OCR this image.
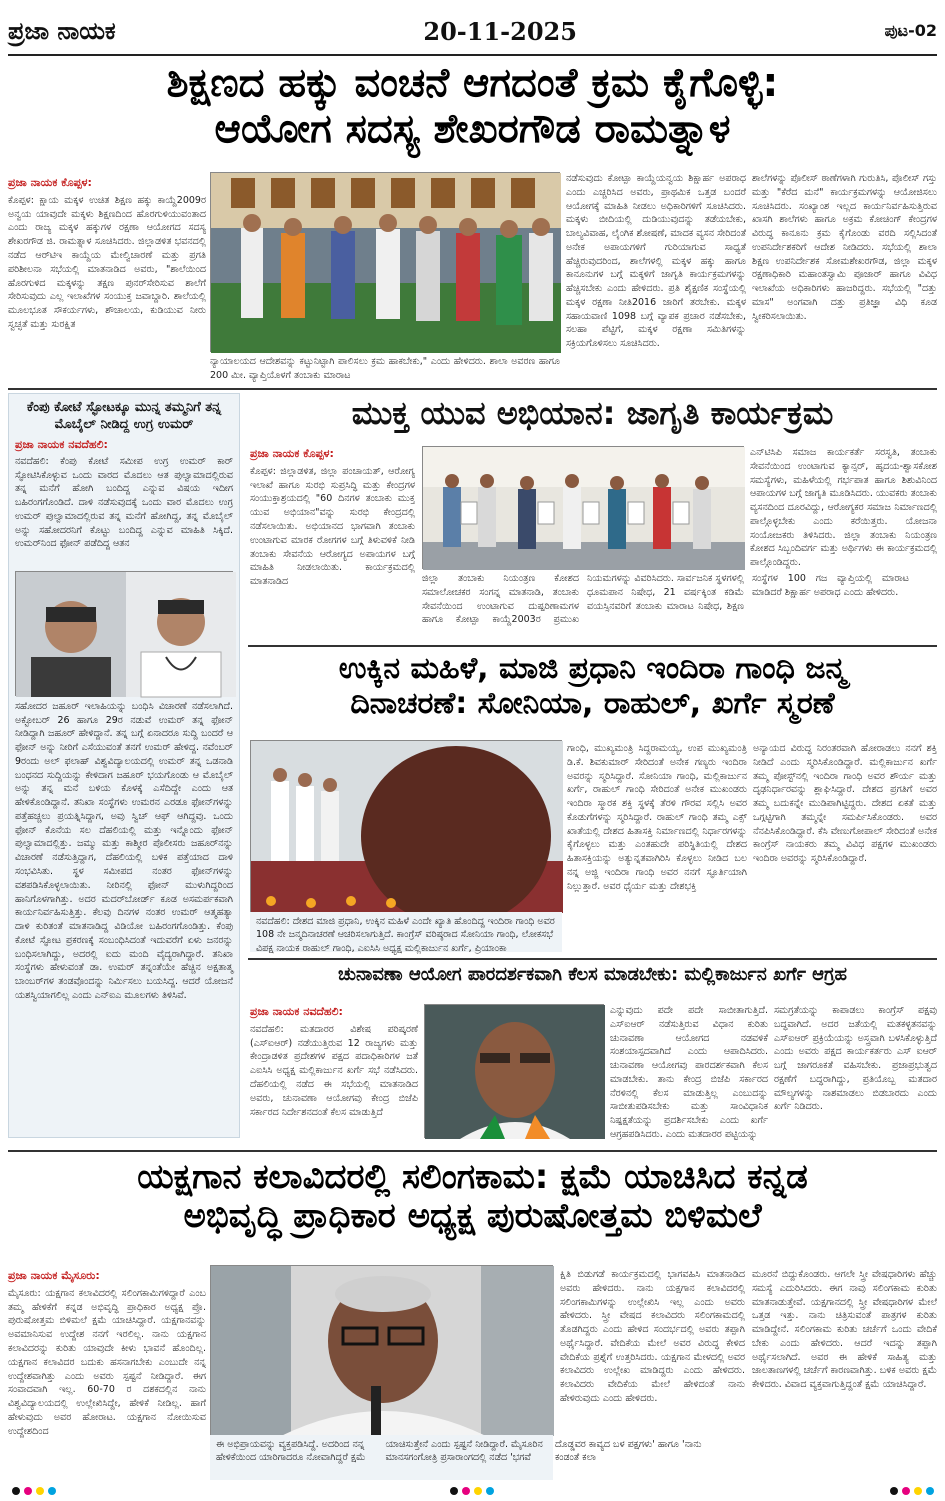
ಪ್ರಜಾ ನಾಯಕ	20-11-2025	ಪುಟ-02
ಶಿಕ್ಷಣದ ಹಕ್ಕು ವಂಚನೆ ಆಗದಂತೆ ಕ್ರಮ ಕೈಗೊಳ್ಳಿ:
ಆಯೋಗ ಸದಸ್ಯ ಶೇಖರಗೌಡ ರಾಮತ್ನಾಳ
ಪ್ರಜಾ ನಾಯಕ ಕೊಪ್ಪಳ:

ಕೊಪ್ಪಳ: ಕ್ಷಾಯ ಮಕ್ಕಳ ಉಚಿತ ಶಿಕ್ಷಣ ಹಕ್ಕು ಕಾಯ್ದೆ2009ರ ಅನ್ವಯ ಯಾವುದೇ ಮಕ್ಕಳು ಶಿಕ್ಷಣದಿಂದ ಹೊರಗುಳಿಯುವಂತಾದ ಎಂದು ರಾಜ್ಯ ಮಕ್ಕಳ ಹಕ್ಕುಗಳ ರಕ್ಷಣಾ ಆಯೋಗದ ಸದಸ್ಯ ಶೇಖರಗೌಡ ಜಿ. ರಾಮತ್ನಾಳ ಸೂಚಿಸಿದರು. ಜಿಲ್ಲಾಡಳಿತ ಭವನದಲ್ಲಿ ನಡೆದ ಆರ್‌ಟಿಇ ಕಾಯ್ದೆಯ ಮೇಲ್ವಿಚಾರಣೆ ಮತ್ತು ಪ್ರಗತಿ ಪರಿಶೀಲನಾ ಸಭೆಯಲ್ಲಿ ಮಾತನಾಡಿದ ಅವರು, "ಶಾಲೆಯಿಂದ ಹೊರಗುಳಿದ ಮಕ್ಕಳನ್ನು ತಕ್ಷಣ ಪುನರ್‌ಸೇರಿಸುವ ಶಾಲೆಗೆ ಸೇರಿಸುವುದು ಎಲ್ಲ ಇಲಾಖೆಗಳ ಸಂಯುಕ್ತ ಜವಾಬ್ದಾರಿ. ಶಾಲೆಯಲ್ಲಿ ಮೂಲಭೂತ ಸೌಕರ್ಯಗಳು, ಶೌಚಾಲಯ, ಕುಡಿಯುವ ನೀರು ಸ್ವಚ್ಛತೆ ಮತ್ತು ಸುರಕ್ಷಿತ

ನ್ಯಾಯಾಲಯದ ಆದೇಶವನ್ನು ಕಟ್ಟುನಿಟ್ಟಾಗಿ ಪಾಲಿಸಲು ಕ್ರಮ ಹಾಕಬೇಕು," ಎಂದು ಹೇಳಿದರು. ಶಾಲಾ ಅವರಣ ಹಾಗೂ 200 ಮೀ. ವ್ಯಾಪ್ತಿಯೊಳಗೆ ತಂಬಾಕು ಮಾರಾಟ

ನಡೆಸುವುದು ಕೋಟ್ಪಾ ಕಾಯ್ದೆಯನ್ವಯ ಶಿಕ್ಷಾರ್ಹ ಅಪರಾಧ ಎಂದು ಎಚ್ಚರಿಸಿದ ಅವರು, ಪ್ರಾಥಮಿಕ ಒತ್ತಡ ಬಂದರೆ ಆಯೋಗಕ್ಕೆ ಮಾಹಿತಿ ನೀಡಲು ಅಧಿಕಾರಿಗಳಿಗೆ ಸೂಚಿಸಿದರು. ಮಕ್ಕಳು ಬೀದಿಯಲ್ಲಿ ದುಡಿಯುವುದನ್ನು ತಡೆಯಬೇಕು, ಬಾಲ್ಯವಿವಾಹ, ಲೈಂಗಿಕ ಶೋಷಣೆ, ಮಾದಕ ವ್ಯಸನ ಸೇರಿದಂತೆ ಅನೇಕ ಅಪಾಯಗಳಿಗೆ ಗುರಿಯಾಗುವ ಸಾಧ್ಯತೆ ಹೆಚ್ಚಿರುವುದರಿಂದ, ಶಾಲೆಗಳಲ್ಲಿ ಮಕ್ಕಳ ಹಕ್ಕು ಹಾಗೂ ಕಾನೂನುಗಳ ಬಗ್ಗೆ ಮಕ್ಕಳಿಗೆ ಜಾಗೃತಿ ಕಾರ್ಯಕ್ರಮಗಳನ್ನು ಹೆಚ್ಚಿಸಬೇಕು ಎಂದು ಹೇಳಿದರು. ಪ್ರತಿ ಶೈಕ್ಷಣಿಕ ಸಂಸ್ಥೆಯಲ್ಲಿ ಮಕ್ಕಳ ರಕ್ಷಣಾ ನೀತಿ2016 ಜಾರಿಗೆ ತರಬೇಕು. ಮಕ್ಕಳ ಸಹಾಯವಾಣಿ 1098 ಬಗ್ಗೆ ವ್ಯಾಪಕ ಪ್ರಚಾರ ನಡೆಸಬೇಕು, ಸಲಹಾ ಪೆಟ್ಟಿಗೆ, ಮಕ್ಕಳ ರಕ್ಷಣಾ ಸಮಿತಿಗಳನ್ನು ಸಕ್ರಿಯಗೊಳಿಸಲು ಸೂಚಿಸಿದರು.

ಶಾಲೆಗಳನ್ನು ಪೊಲೀಸ್ ಠಾಣೆಗಳಾಗಿ ಗುರುತಿಸಿ, ಪೊಲೀಸ್ ಗಸ್ತು ಮತ್ತು "ಕೆರೆದ ಮನೆ" ಕಾರ್ಯಕ್ರಮಗಳನ್ನು ಆಯೋಜಿಸಲು ಸೂಚಿಸಿದರು. ಸಂಖ್ಯಾಂಶ ಇಲ್ಲದ ಕಾರ್ಯನಿರ್ವಹಿಸುತ್ತಿರುವ ಖಾಸಗಿ ಶಾಲೆಗಳು ಹಾಗೂ ಅಕ್ರಮ ಕೋಚಿಂಗ್ ಕೇಂದ್ರಗಳ ವಿರುದ್ಧ ಕಾನೂನು ಕ್ರಮ ಕೈಗೊಂಡು ವರದಿ ಸಲ್ಲಿಸಿದಂತೆ ಉಪನಿರ್ದೇಶಕರಿಗೆ ಆದೇಶ ನೀಡಿದರು. ಸಭೆಯಲ್ಲಿ ಶಾಲಾ ಶಿಕ್ಷಣ ಉಪನಿರ್ದೇಶಕ ಸೋಮಶೇಖರಗೌಡ, ಜಿಲ್ಲಾ ಮಕ್ಕಳ ರಕ್ಷಣಾಧಿಕಾರಿ ಮಹಾಂತಸ್ವಾಮಿ ಪೂಜಾರ್ ಹಾಗೂ ವಿವಿಧ ಇಲಾಖೆಯ ಅಧಿಕಾರಿಗಳು ಹಾಜರಿದ್ದರು. ಸಭೆಯಲ್ಲಿ "ದತ್ತು ಮಾಸ" ಅಂಗವಾಗಿ ದತ್ತು ಪ್ರತಿಜ್ಞಾ ವಿಧಿ ಕೂಡ ಸ್ವೀಕರಿಸಲಾಯಿತು.

ಕೆಂಪು ಕೋಟೆ ಸ್ಫೋಟಕ್ಕೂ ಮುನ್ನ ತಮ್ಮನಿಗೆ ತನ್ನ ಮೊಬೈಲ್ ನೀಡಿದ್ದ ಉಗ್ರ ಉಮರ್
ಪ್ರಜಾ ನಾಯಕ ನವದೆಹಲಿ:
ನವದೆಹಲಿ: ಕೆಂಪು ಕೋಟೆ ಸಮೀಪ ಉಗ್ರ ಉಮರ್ ಕಾರ್ ಸ್ಫೋಟಿಸಿಕೊಳ್ಳುವ ಒಂದು ವಾರದ ಮೊದಲು ಆತ ಪುಲ್ವಾಮಾದಲ್ಲಿರುವ ತನ್ನ ಮನೆಗೆ ಹೋಗಿ ಬಂದಿದ್ದ ಎನ್ನುವ ವಿಷಯ ಇದೀಗ ಬಹಿರಂಗಗೊಂಡಿದೆ. ದಾಳಿ ನಡೆಸುವುದಕ್ಕೆ ಒಂದು ವಾರ ಮೊದಲು ಉಗ್ರ ಉಮರ್ ಪುಲ್ವಾಮಾದಲ್ಲಿರುವ ತನ್ನ ಮನೆಗೆ ಹೋಗಿದ್ದ, ತನ್ನ ಮೊಬೈಲ್ ಅನ್ನು ಸಹೋದರನಿಗೆ ಕೊಟ್ಟು ಬಂದಿದ್ದ ಎನ್ನುವ ಮಾಹಿತಿ ಸಿಕ್ಕಿದೆ. ಉಮರ್‌ನಿಂದ ಫೋನ್ ಪಡೆದಿದ್ದ ಆತನ
ಸಹೋದರ ಜಹೂರ್ ಇಲಾಹಿಯನ್ನು ಬಂಧಿಸಿ ವಿಚಾರಣೆ ನಡೆಸಲಾಗಿದೆ. ಅಕ್ಟೋಬರ್ 26 ಹಾಗೂ 29ರ ನಡುವೆ ಉಮರ್ ತನ್ನ ಫೋನ್ ನೀಡಿದ್ದಾಗಿ ಜಹೂರ್ ಹೇಳಿದ್ದಾನೆ. ತನ್ನ ಬಗ್ಗೆ ಏನಾದರೂ ಸುದ್ದಿ ಬಂದರೆ ಆ ಫೋನ್ ಅನ್ನು ನೀರಿಗೆ ಎಸೆಯುವಂತೆ ತನಗೆ ಉಮರ್ ಹೇಳಿದ್ದ. ನವೆಂಬರ್ 9ರಂದು ಅಲ್ ಫಲಾಹ್ ವಿಶ್ವವಿದ್ಯಾಲಯದಲ್ಲಿ ಉಮರ್ ತನ್ನ ಒಡನಾಡಿ ಬಂಧನದ ಸುದ್ದಿಯನ್ನು ಕೇಳಿದಾಗ ಜಹೂರ್ ಭಯಗೊಂಡು ಆ ಮೊಬೈಲ್ ಅನ್ನು ತನ್ನ ಮನೆ ಬಳಿಯ ಕೊಳಕ್ಕೆ ಎಸೆದಿದ್ದೇ ಎಂದು ಆತ ಹೇಳಿಕೊಂಡಿದ್ದಾನೆ. ತನಿಖಾ ಸಂಸ್ಥೆಗಳು ಉಮರನ ಎರಡೂ ಫೋನ್‌ಗಳನ್ನು ಪತ್ತೆಹಚ್ಚಲು ಪ್ರಯತ್ನಿಸಿದ್ದಾಗ, ಅವು ಸ್ವಿಚ್ ಆಫ್ ಆಗಿದ್ದವು. ಒಂದು ಫೋನ್ ಕೊನೆಯ ಸಲ ದೆಹಲಿಯಲ್ಲಿ ಮತ್ತು ಇನ್ನೊಂದು ಫೋನ್ ಪುಲ್ವಾಮಾದಲ್ಲಿತ್ತು. ಜಮ್ಮು ಮತ್ತು ಕಾಶ್ಮೀರ ಪೊಲೀಸರು ಜಹೂರ್‌ನನ್ನು ವಿಚಾರಣೆ ನಡೆಸುತ್ತಿದ್ದಾಗ, ದೆಹಲಿಯಲ್ಲಿ ಬಳಿಕ ಪತ್ತೆಯಾದ ದಾಳಿ ಸಂಭವಿಸಿತು. ಸ್ಥಳ ಸಮೀಪದ ನಂತರ ಫೋನ್‌ಗಳನ್ನು ವಶಪಡಿಸಿಕೊಳ್ಳಲಾಯಿತು. ನೀರಿನಲ್ಲಿ ಫೋನ್ ಮುಳುಗಿದ್ದರಿಂದ ಹಾನಿಗೊಳಗಾಗಿತ್ತು. ಅದರ ಮದರ್‌ಬೋರ್ಡ್ ಕೂಡ ಅಸಮರ್ಪಕವಾಗಿ ಕಾರ್ಯನಿರ್ವಹಿಸುತ್ತಿತ್ತು. ಕೆಲವು ದಿನಗಳ ನಂತರ ಉಮರ್ ಆತ್ಮಹತ್ಯಾ ದಾಳಿ ಕುರಿತಂತೆ ಮಾತನಾಡಿದ್ದ ವಿಡಿಯೋ ಬಹಿರಂಗಗೊಂಡಿತ್ತು. ಕೆಂಪು ಕೋಟೆ ಸ್ಫೋಟ ಪ್ರಕರಣಕ್ಕೆ ಸಂಬಂಧಿಸಿದಂತೆ ಇದುವರೆಗೆ ಏಳು ಜನರನ್ನು ಬಂಧಿಸಲಾಗಿದ್ದು, ಅದರಲ್ಲಿ ಐದು ಮಂದಿ ವೈದ್ಯರಾಗಿದ್ದಾರೆ. ತನಿಖಾ ಸಂಸ್ಥೆಗಳು ಹೇಳುವಂತೆ ಡಾ. ಉಮರ್ ತನ್ನಂತೆಯೇ ಹೆಚ್ಚಿನ ಅಕ್ಷತಾತ್ಮ ಬಾಂಬರ್‌ಗಳ ತಂಡವೊಂದನ್ನು ನಿರ್ಮಿಸಲು ಬಯಸಿದ್ದ. ಆದರೆ ಯೋಜನೆ ಯಶಸ್ವಿಯಾಗಲಿಲ್ಲ ಎಂದು ಎನ್‌ಐಎ ಮೂಲಗಳು ತಿಳಿಸಿವೆ.
ಮುಕ್ತ ಯುವ ಅಭಿಯಾನ: ಜಾಗೃತಿ ಕಾರ್ಯಕ್ರಮ
ಪ್ರಜಾ ನಾಯಕ ಕೊಪ್ಪಳ:

ಕೊಪ್ಪಳ: ಜಿಲ್ಲಾಡಳಿತ, ಜಿಲ್ಲಾ ಪಂಚಾಯತ್, ಆರೋಗ್ಯ ಇಲಾಖೆ ಹಾಗೂ ಸುರಭಿ ಸುಪ್ರಸಿದ್ಧಿ ಮತ್ತು ಕೇಂದ್ರಗಳ ಸಂಯುಕ್ತಾಶ್ರಯದಲ್ಲಿ "60 ದಿನಗಳ ತಂಬಾಕು ಮುಕ್ತ ಯುವ ಅಭಿಯಾನ"ವನ್ನು ಸುರಭಿ ಕೇಂದ್ರದಲ್ಲಿ ನಡೆಸಲಾಯಿತು. ಅಭಿಯಾನದ ಭಾಗವಾಗಿ ತಂಬಾಕು ಉಂಟಾಗುವ ಮಾರಕ ರೋಗಗಳ ಬಗ್ಗೆ ತಿಳುವಳಿಕೆ ನೀಡಿ ತಂಬಾಕು ಸೇವನೆಯ ಆರೋಗ್ಯದ ಅಪಾಯಗಳ ಬಗ್ಗೆ ಮಾಹಿತಿ ನೀಡಲಾಯಿತು. ಕಾರ್ಯಕ್ರಮದಲ್ಲಿ ಮಾತನಾಡಿದ	ಜಿಲ್ಲಾ ತಂಬಾಕು ನಿಯಂತ್ರಣ ಕೋಶದ ಸಮಾಲೋಚಕರ ಸಂಗನ್ನ ಮಾತನಾಡಿ, ತಂಬಾಕು ಸೇವನೆಯಿಂದ ಉಂಟಾಗುವ ದುಷ್ಪರಿಣಾಮಗಳ ಹಾಗೂ ಕೋಟ್ಪಾ ಕಾಯ್ದೆ2003ರ ಪ್ರಮುಖ ನಿಯಮಗಳನ್ನು ವಿವರಿಸಿದರು. ಸಾರ್ವಜನಿಕ ಸ್ಥಳಗಳಲ್ಲಿ ಧೂಮಪಾನ ನಿಷೇಧ, 21 ವರ್ಷಕ್ಕಿಂತ ಕಡಿಮೆ ವಯಸ್ಸಿನವರಿಗೆ ತಂಬಾಕು ಮಾರಾಟ ನಿಷೇಧ, ಶಿಕ್ಷಣ ಸಂಸ್ಥೆಗಳ 100 ಗಜ ವ್ಯಾಪ್ತಿಯಲ್ಲಿ ಮಾರಾಟ ಮಾಡಿದರೆ ಶಿಕ್ಷಾರ್ಹ ಅಪರಾಧ ಎಂದು ಹೇಳಿದರು.

ಎನ್‌ಟಿಸಿಪಿ ಸಮಾಜ ಕಾರ್ಯಕರ್ತೆ ಸರಸ್ವತಿ, ತಂಬಾಕು ಸೇವನೆಯಿಂದ ಉಂಟಾಗುವ ಕ್ಯಾನ್ಸರ್, ಹೃದಯ-ಶ್ವಾಸಕೋಶ ಸಮಸ್ಯೆಗಳು, ಮಹಿಳೆಯಲ್ಲಿ ಗರ್ಭಪಾತ ಹಾಗೂ ಶಿಶುವಿನಿಂದ ಆಪಾಯಗಳ ಬಗ್ಗೆ ಜಾಗೃತಿ ಮೂಡಿಸಿದರು. ಯುವಕರು ತಂಬಾಕು ವ್ಯಸನದಿಂದ ದೂರವಿದ್ದು, ಆರೋಗ್ಯಕರ ಸಮಾಜ ನಿರ್ಮಾಣದಲ್ಲಿ ಪಾಲ್ಗೊಳ್ಳಬೇಕು ಎಂದು ಕರೆಯಿತ್ತರು. ಯೋಜನಾ ಸಂಯೋಜಕರು ತಿಳಿಸಿದರು. ಜಿಲ್ಲಾ ತಂಬಾಕು ನಿಯಂತ್ರಣ ಕೋಶದ ಸಿಬ್ಬಂದಿವರ್ಗ ಮತ್ತು ಅರ್ಥಿಗಳು ಈ ಕಾರ್ಯಕ್ರಮದಲ್ಲಿ ಪಾಲ್ಗೊಂಡಿದ್ದರು.

ಉಕ್ಕಿನ ಮಹಿಳೆ, ಮಾಜಿ ಪ್ರಧಾನಿ ಇಂದಿರಾ ಗಾಂಧಿ ಜನ್ಮ
ದಿನಾಚರಣೆ: ಸೋನಿಯಾ, ರಾಹುಲ್, ಖರ್ಗೆ ಸ್ಮರಣೆ
ನವದೆಹಲಿ: ದೇಶದ ಮಾಜಿ ಪ್ರಧಾನಿ, ಉಕ್ಕಿನ ಮಹಿಳೆ ಎಂದೇ ಖ್ಯಾತಿ ಹೊಂದಿದ್ದ ಇಂದಿರಾ ಗಾಂಧಿ ಅವರ 108 ನೇ ಜನ್ಮದಿನಾಚರಣೆ ಆಚರಿಸಲಾಗುತ್ತಿದೆ. ಕಾಂಗ್ರೆಸ್ ವರಿಷ್ಠರಾದ ಸೋನಿಯಾ ಗಾಂಧಿ, ಲೋಕಸಭೆ ವಿಪಕ್ಷ ನಾಯಕ ರಾಹುಲ್ ಗಾಂಧಿ, ಎಐಸಿಸಿ ಅಧ್ಯಕ್ಷ ಮಲ್ಲಿಕಾರ್ಜುನ ಖರ್ಗೆ, ಪ್ರಿಯಾಂಕಾ

ಗಾಂಧಿ, ಮುಖ್ಯಮಂತ್ರಿ ಸಿದ್ದರಾಮಯ್ಯ, ಉಪ ಮುಖ್ಯಮಂತ್ರಿ ಡಿ.ಕೆ. ಶಿವಕುಮಾರ್ ಸೇರಿದಂತೆ ಅನೇಕ ಗಣ್ಯರು ಇಂದಿರಾ ಅವರನ್ನು ಸ್ಮರಿಸಿದ್ದಾರೆ. ಸೋನಿಯಾ ಗಾಂಧಿ, ಮಲ್ಲಿಕಾರ್ಜುನ ಖರ್ಗೆ, ರಾಹುಲ್ ಗಾಂಧಿ ಸೇರಿದಂತೆ ಅನೇಕ ಮುಖಂಡರು ಇಂದಿರಾ ಸ್ಮಾರಕ ಶಕ್ತಿ ಸ್ಥಳಕ್ಕೆ ತೆರಳಿ ಗೌರವ ಸಲ್ಲಿಸಿ ಅವರ ಕೊಡುಗೆಗಳನ್ನು ಸ್ಮರಿಸಿದ್ದಾರೆ. ರಾಹುಲ್ ಗಾಂಧಿ ತಮ್ಮ ಎಕ್ಸ್ ಖಾತೆಯಲ್ಲಿ ದೇಶದ ಹಿತಾಸಕ್ತಿ ನಿರ್ಮಾಣದಲ್ಲಿ ನಿರ್ಧಾರಗಳನ್ನು ಕೈಗೊಳ್ಳಲು ಮತ್ತು ಎಂತಹುದೇ ಪರಿಸ್ಥಿತಿಯಲ್ಲಿ ದೇಶದ ಹಿತಾಸಕ್ತಿಯನ್ನು ಅತ್ಯುನ್ನತವಾಗಿರಿಸಿ ಕೊಳ್ಳಲು ನೀಡಿದ ಬಲ ನನ್ನ ಅಜ್ಜಿ ಇಂದಿರಾ ಗಾಂಧಿ ಅವರ ನನಗೆ ಸ್ಫೂರ್ತಿಯಾಗಿ ನಿಲ್ಲುತ್ತಾರೆ. ಅವರ ಧೈರ್ಯ ಮತ್ತು ದೇಶಭಕ್ತಿ

ಅನ್ಯಾಯದ ವಿರುದ್ಧ ನಿರಂತರವಾಗಿ ಹೋರಾಡಲು ನನಗೆ ಶಕ್ತಿ ನೀಡಿದೆ ಎಂದು ಸ್ಮರಿಸಿಕೊಂಡಿದ್ದಾರೆ. ಮಲ್ಲಿಕಾರ್ಜುನ ಖರ್ಗೆ ತಮ್ಮ ಪೋಸ್ಟ್‌ನಲ್ಲಿ ಇಂದಿರಾ ಗಾಂಧಿ ಅವರ ಶೌರ್ಯ ಮತ್ತು ದೃಢನಿರ್ಧಾರವನ್ನು ಶ್ಲಾಘಿಸಿದ್ದಾರೆ. ದೇಶದ ಪ್ರಗತಿಗೆ ಅವರ ತಮ್ಮ ಬದುಕನ್ನೇ ಮುಡಿಪಾಗಿಟ್ಟಿದ್ದರು. ದೇಶದ ಏಕತೆ ಮತ್ತು ಒಗ್ಗಟ್ಟಿಗಾಗಿ ತಮ್ಮನ್ನೇ ಸಮರ್ಪಿಸಿಕೊಂಡರು. ಅವರ ನೆನಪಿಸಿಕೊಂಡಿದ್ದಾರೆ. ಕೆಸಿ ವೇಣುಗೋಪಾಲ್ ಸೇರಿದಂತೆ ಅನೇಕ ಕಾಂಗ್ರೆಸ್ ನಾಯಕರು ತಮ್ಮ ವಿವಿಧ ಪಕ್ಷಗಳ ಮುಖಂಡರು ಇಂದಿರಾ ಅವರನ್ನು ಸ್ಮರಿಸಿಕೊಂಡಿದ್ದಾರೆ.

ಚುನಾವಣಾ ಆಯೋಗ ಪಾರದರ್ಶಕವಾಗಿ ಕೆಲಸ ಮಾಡಬೇಕು: ಮಲ್ಲಿಕಾರ್ಜುನ ಖರ್ಗೆ ಆಗ್ರಹ
ಪ್ರಜಾ ನಾಯಕ ನವದೆಹಲಿ:

ನವದೆಹಲಿ: ಮತದಾರರ ವಿಶೇಷ ಪರಿಷ್ಕರಣೆ (ಎಸ್‌ಐಆರ್) ನಡೆಯುತ್ತಿರುವ 12 ರಾಜ್ಯಗಳು ಮತ್ತು ಕೇಂದ್ರಾಡಳಿತ ಪ್ರದೇಶಗಳ ಪಕ್ಷದ ಪದಾಧಿಕಾರಿಗಳ ಜತೆ ಎಐಸಿಸಿ ಅಧ್ಯಕ್ಷ ಮಲ್ಲಿಕಾರ್ಜುನ ಖರ್ಗೆ ಸಭೆ ನಡೆಸಿದರು. ದೆಹಲಿಯಲ್ಲಿ ನಡೆದ ಈ ಸಭೆಯಲ್ಲಿ ಮಾತನಾಡಿದ ಅವರು, ಚುನಾವಣಾ ಆಯೋಗವು ಕೇಂದ್ರ ಬಿಜೆಪಿ ಸರ್ಕಾರದ ನಿರ್ದೇಶನದಂತೆ ಕೆಲಸ ಮಾಡುತ್ತಿದೆ

ಎನ್ನುವುದು ಪದೇ ಪದೇ ಸಾಬೀತಾಗುತ್ತಿದೆ. ಎಸ್‌ಐಆರ್ ನಡೆಸುತ್ತಿರುವ ವಿಧಾನ ಕುರಿತು ಚುನಾವಣಾ ಆಯೋಗದ ನಡವಳಿಕೆ ಸಂಶಯಾಸ್ಪದವಾಗಿದೆ ಎಂದು ಆಪಾದಿಸಿದರು. ಚುನಾವಣಾ ಆಯೋಗವು ಪಾರದರ್ಶಕವಾಗಿ ಕೆಲಸ ಮಾಡಬೇಕು. ತಾನು ಕೇಂದ್ರ ಬಿಜೆಪಿ ಸರ್ಕಾರದ ನೆರಳಿನಲ್ಲಿ ಕೆಲಸ ಮಾಡುತ್ತಿಲ್ಲ ಎಂಬುದನ್ನು ಸಾಬೀತುಪಡಿಸಬೇಕು ಮತ್ತು ಸಾಂವಿಧಾನಿಕ ನಿಷ್ಪಕ್ಷತೆಯನ್ನು ಪ್ರದರ್ಶಿಸಬೇಕು ಎಂದು ಖರ್ಗೆ ಆಗ್ರಹಪಡಿಸಿದರು. ಎಂದು ಮತದಾರರ ಪಟ್ಟಿಯನ್ನು

ಸಮಗ್ರತೆಯನ್ನು ಕಾಪಾಡಲು ಕಾಂಗ್ರೆಸ್ ಪಕ್ಷವು ಬದ್ಧವಾಗಿದೆ. ಅದರ ಜತೆಯಲ್ಲಿ ಮತಕಳ್ಳತನವನ್ನು ಎಸ್‌ಐಆರ್ ಪ್ರಕ್ರಿಯೆಯನ್ನು ಅಸ್ತ್ರವಾಗಿ ಬಳಸಿಕೊಳ್ಳುತ್ತಿದೆ ಎಂದು ಅವರು ಪಕ್ಷದ ಕಾರ್ಯಕರ್ತರು ಎಸ್ ಐಆರ್ ಬಗ್ಗೆ ಜಾಗರೂಕತೆ ವಹಿಸಬೇಕು. ಪ್ರಜಾಪ್ರಭುತ್ವದ ರಕ್ಷಣೆಗೆ ಬದ್ಧರಾಗಿದ್ದು, ಪ್ರತಿಯೊಬ್ಬ ಮತದಾರ ಮೌಲ್ಯಗಳನ್ನು ನಾಶಮಾಡಲು ಬಿಡಬಾರದು ಎಂದು ಖರ್ಗೆ ನಿಡಿದರು.

ಯಕ್ಷಗಾನ ಕಲಾವಿದರಲ್ಲಿ ಸಲಿಂಗಕಾಮ: ಕ್ಷಮೆ ಯಾಚಿಸಿದ ಕನ್ನಡ
ಅಭಿವೃದ್ಧಿ ಪ್ರಾಧಿಕಾರ ಅಧ್ಯಕ್ಷ ಪುರುಷೋತ್ತಮ ಬಿಳಿಮಲೆ
ಪ್ರಜಾ ನಾಯಕ ಮೈಸೂರು:

ಮೈಸೂರು: ಯಕ್ಷಗಾನ ಕಲಾವಿದರಲ್ಲಿ ಸಲಿಂಗಕಾಮಿಗಳಿದ್ದಾರೆ ಎಂಬ ತಮ್ಮ ಹೇಳಿಕೆಗೆ ಕನ್ನಡ ಅಭಿವೃದ್ಧಿ ಪ್ರಾಧಿಕಾರ ಅಧ್ಯಕ್ಷ ಪ್ರೊ. ಪುರುಷೋತ್ತಮ ಬಿಳಿಮಲೆ ಕ್ಷಮೆ ಯಾಚಿಸಿದ್ದಾರೆ. ಯಕ್ಷಗಾನವನ್ನು ಅವಮಾನಿಸುವ ಉದ್ದೇಶ ನನಗೆ ಇರಲಿಲ್ಲ. ನಾನು ಯಕ್ಷಗಾನ ಕಲಾವಿದರನ್ನು ಕುರಿತು ಯಾವುದೇ ಕೀಳು ಭಾವನೆ ಹೊಂದಿಲ್ಲ. ಯಕ್ಷಗಾನ ಕಲಾವಿದರ ಬದುಕು ಹಸನಾಗಬೇಕು ಎಂಬುದೇ ನನ್ನ ಉದ್ದೇಶವಾಗಿತ್ತು ಎಂದು ಅವರು ಸ್ಪಷ್ಟನೆ ನೀಡಿದ್ದಾರೆ. ಈಗ ಸಂವಾದವಾಗಿ ಇಲ್ಲ. 60-70 ರ ದಶಕದಲ್ಲಿನ ನಾನು ವಿಶ್ವವಿದ್ಯಾಲಯದಲ್ಲಿ ಉಲ್ಲೇಖಿಸಿದ್ದೇ, ಹೇಳಿಕೆ ನೀಡಿಲ್ಲ. ಹಾಗೆ ಹೇಳುವುದು ಅವರ ಹೋರಾಟ. ಯಕ್ಷಗಾನ ನೋಯಿಸುವ ಉದ್ದೇಶದಿಂದ

ಈ ಅಭಿಪ್ರಾಯವನ್ನು ವ್ಯಕ್ತಪಡಿಸಿದ್ದೆ. ಅದರಿಂದ ನನ್ನ ಹೇಳಿಕೆಯಿಂದ ಯಾರಿಗಾದರೂ ನೋವಾಗಿದ್ದರೆ ಕ್ಷಮೆ ಯಾಚಿಸುತ್ತೇನೆ ಎಂದು ಸ್ಪಷ್ಟನೆ ನೀಡಿದ್ದಾರೆ. ಮೈಸೂರಿನ ಮಾನಸಗಂಗೋತ್ರಿ ಪ್ರಸಾರಾಂಗದಲ್ಲಿ ನಡೆದ 'ಭಗವೆ ದೊಡ್ಡವರ ಕಾವ್ಯದ ಬಳ ಪಕ್ಷಗಳು' ಹಾಗೂ 'ನಾನು ಕಂಡಂತೆ ಕಲಾ

ಕ್ಷಿತಿ ಬಿಡುಗಡೆ ಕಾರ್ಯಕ್ರಮದಲ್ಲಿ ಭಾಗವಹಿಸಿ ಮಾತನಾಡಿದ ಅವರು ಹೇಳಿದರು. ನಾನು ಯಕ್ಷಗಾನ ಕಲಾವಿದರಲ್ಲಿ ಸಲಿಂಗಕಾಮಿಗಳನ್ನು ಉಲ್ಲೇಖಿಸಿ ಇಲ್ಲ ಎಂದು ಅವರು ಹೇಳಿದರು. ಸ್ತ್ರೀ ವೇಷದ ಕಲಾವಿದರು ಸಲಿಂಗಕಾಮದಲ್ಲಿ ತೊಡಗಿದ್ದರು ಎಂದು ಹೇಳಿದ ಸಂದರ್ಭದಲ್ಲಿ ಅವರು ತಪ್ಪಾಗಿ ಅರ್ಥೈಸಿದ್ದಾರೆ. ವೇದಿಕೆಯ ಮೇಲೆ ಅವರ ವಿರುದ್ಧ ಕೇಳಿದ ವೇದಿಕೆಯ ಪ್ರಶ್ನೆಗೆ ಉತ್ತರಿಸಿದರು. ಯಕ್ಷಗಾನ ಮೇಳದಲ್ಲಿ ಅವರ ಕಲಾವಿದರು ಉಲ್ಲೇಖ ಮಾಡಿದ್ದರು ಎಂದು ಹೇಳಿದರು. ಕಲಾವಿದರು ವೇದಿಕೆಯ ಮೇಲೆ ಹೇಳಿದಂತೆ ನಾನು ಹೇಳಿರುವುದು ಎಂದು ಹೇಳಿದರು.

ಮೂರನೆ ಬಿದ್ದುಕೊಂಡರು. ಆಗಲೇ ಸ್ತ್ರೀ ವೇಷಧಾರಿಗಳು ಹೆಚ್ಚು ಸಮಸ್ಯೆ ಎದುರಿಸಿದರು. ಈಗ ನಾವು ಸಲಿಂಗಕಾಮ ಕುರಿತು ಮಾತನಾಡುತ್ತೇವೆ. ಯಕ್ಷಗಾನದಲ್ಲಿ ಸ್ತ್ರೀ ವೇಷಧಾರಿಗಳ ಮೇಲೆ ಒತ್ತಡ ಇತ್ತು. ನಾನು ಚಿತ್ರಿಸುವಂತೆ ಪಾತ್ರಗಳ ಕುರಿತು ಮಾಡಿದ್ದೇನೆ. ಸಲಿಂಗಕಾಮ ಕುರಿತು ಚರ್ಚೆಗೆ ಒಂದು ವೇದಿಕೆ ಬೇಕು ಎಂದು ಹೇಳಿದರು. ಆದರೆ ಇದನ್ನು ತಪ್ಪಾಗಿ ಅರ್ಥೈಸಲಾಗಿದೆ. ಅವರ ಈ ಹೇಳಿಕೆ ಸಾಹಿತ್ಯ ಮತ್ತು ಜಾಲತಾಣಗಳಲ್ಲಿ ಚರ್ಚೆಗೆ ಕಾರಣವಾಗಿತ್ತು. ಬಳಿಕ ಅವರು ಕ್ಷಮೆ ಕೇಳಿದರು. ವಿವಾದ ವ್ಯಕ್ತವಾಗುತ್ತಿದ್ದಂತೆ ಕ್ಷಮೆ ಯಾಚಿಸಿದ್ದಾರೆ.
